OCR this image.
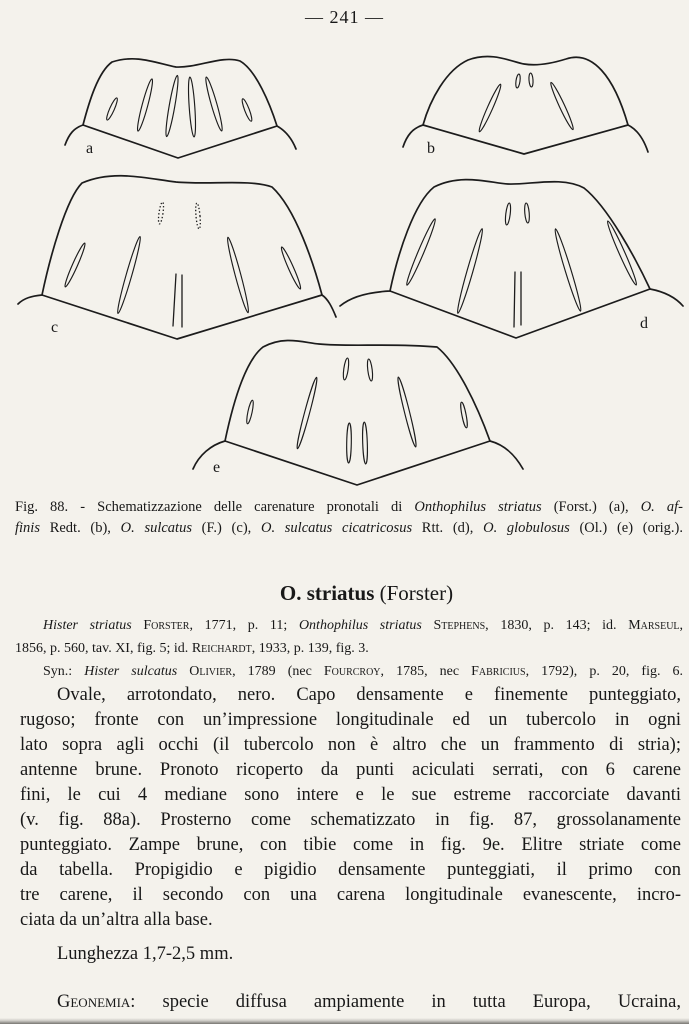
— 241 —
a	b
c	d
e
Fig. 88. - Schematizzazione delle carenature pronotali di Onthophilus striatus (Forst.) (a), O. af-
finis Redt. (b), O. sulcatus (F.) (c), O. sulcatus cicatricosus Rtt. (d), O. globulosus (Ol.) (e) (orig.).
O. striatus (Forster)
Hister striatus Forster, 1771, p. 11; Onthophilus striatus Stephens, 1830, p. 143; id. Marseul,
1856, p. 560, tav. XI, fig. 5; id. Reichardt, 1933, p. 139, fig. 3.
Syn.: Hister sulcatus Olivier, 1789 (nec Fourcroy, 1785, nec Fabricius, 1792), p. 20, fig. 6.
Ovale, arrotondato, nero. Capo densamente e finemente punteggiato,
rugoso; fronte con un’impressione longitudinale ed un tubercolo in ogni
lato sopra agli occhi (il tubercolo non è altro che un frammento di stria);
antenne brune. Pronoto ricoperto da punti aciculati serrati, con 6 carene
fini, le cui 4 mediane sono intere e le sue estreme raccorciate davanti
(v. fig. 88a). Prosterno come schematizzato in fig. 87, grossolanamente
punteggiato. Zampe brune, con tibie come in fig. 9e. Elitre striate come
da tabella. Propigidio e pigidio densamente punteggiati, il primo con
tre carene, il secondo con una carena longitudinale evanescente, incro-
ciata da un’altra alla base.
Lunghezza 1,7-2,5 mm.
Geonemia: specie diffusa ampiamente in tutta Europa, Ucraina,
